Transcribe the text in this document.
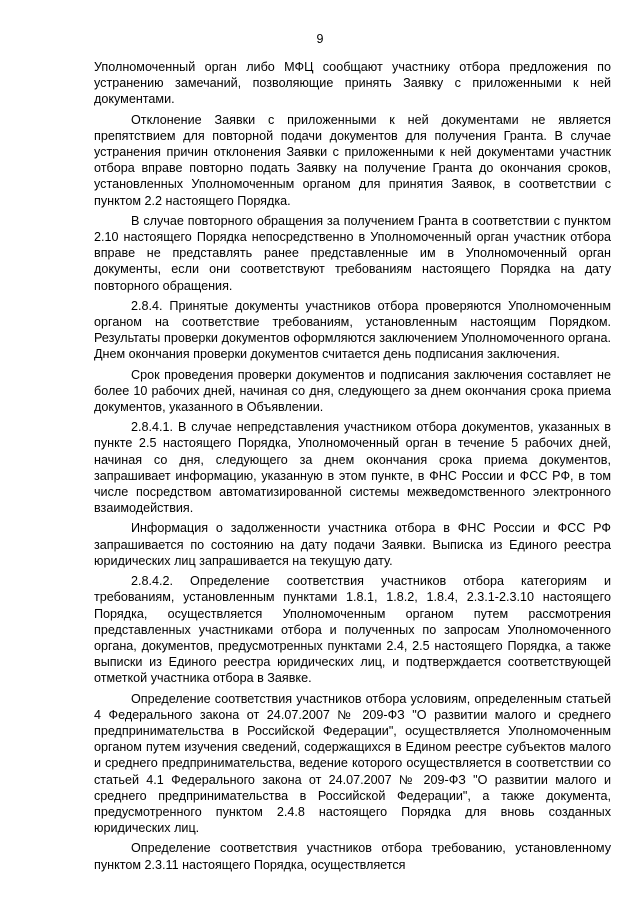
9

Уполномоченный орган либо МФЦ сообщают участнику отбора предложения по устранению замечаний, позволяющие принять Заявку с приложенными к ней документами.

Отклонение Заявки с приложенными к ней документами не является препятствием для повторной подачи документов для получения Гранта. В случае устранения причин отклонения Заявки с приложенными к ней документами участник отбора вправе повторно подать Заявку на получение Гранта до окончания сроков, установленных Уполномоченным органом для принятия Заявок, в соответствии с пунктом 2.2 настоящего Порядка.

В случае повторного обращения за получением Гранта в соответствии с пунктом 2.10 настоящего Порядка непосредственно в Уполномоченный орган участник отбора вправе не представлять ранее представленные им в Уполномоченный орган документы, если они соответствуют требованиям настоящего Порядка на дату повторного обращения.

2.8.4. Принятые документы участников отбора проверяются Уполномоченным органом на соответствие требованиям, установленным настоящим Порядком. Результаты проверки документов оформляются заключением Уполномоченного органа. Днем окончания проверки документов считается день подписания заключения.

Срок проведения проверки документов и подписания заключения составляет не более 10 рабочих дней, начиная со дня, следующего за днем окончания срока приема документов, указанного в Объявлении.

2.8.4.1. В случае непредставления участником отбора документов, указанных в пункте 2.5 настоящего Порядка, Уполномоченный орган в течение 5 рабочих дней, начиная со дня, следующего за днем окончания срока приема документов, запрашивает информацию, указанную в этом пункте, в ФНС России и ФСС РФ, в том числе посредством автоматизированной системы межведомственного электронного взаимодействия.

Информация о задолженности участника отбора в ФНС России и ФСС РФ запрашивается по состоянию на дату подачи Заявки. Выписка из Единого реестра юридических лиц запрашивается на текущую дату.

2.8.4.2. Определение соответствия участников отбора категориям и требованиям, установленным пунктами 1.8.1, 1.8.2, 1.8.4, 2.3.1-2.3.10 настоящего Порядка, осуществляется Уполномоченным органом путем рассмотрения представленных участниками отбора и полученных по запросам Уполномоченного органа, документов, предусмотренных пунктами 2.4, 2.5 настоящего Порядка, а также выписки из Единого реестра юридических лиц, и подтверждается соответствующей отметкой участника отбора в Заявке.

Определение соответствия участников отбора условиям, определенным статьей 4 Федерального закона от 24.07.2007 № 209-ФЗ "О развитии малого и среднего предпринимательства в Российской Федерации", осуществляется Уполномоченным органом путем изучения сведений, содержащихся в Едином реестре субъектов малого и среднего предпринимательства, ведение которого осуществляется в соответствии со статьей 4.1 Федерального закона от 24.07.2007 № 209-ФЗ "О развитии малого и среднего предпринимательства в Российской Федерации", а также документа, предусмотренного пунктом 2.4.8 настоящего Порядка для вновь созданных юридических лиц.

Определение соответствия участников отбора требованию, установленному пунктом 2.3.11 настоящего Порядка, осуществляется
